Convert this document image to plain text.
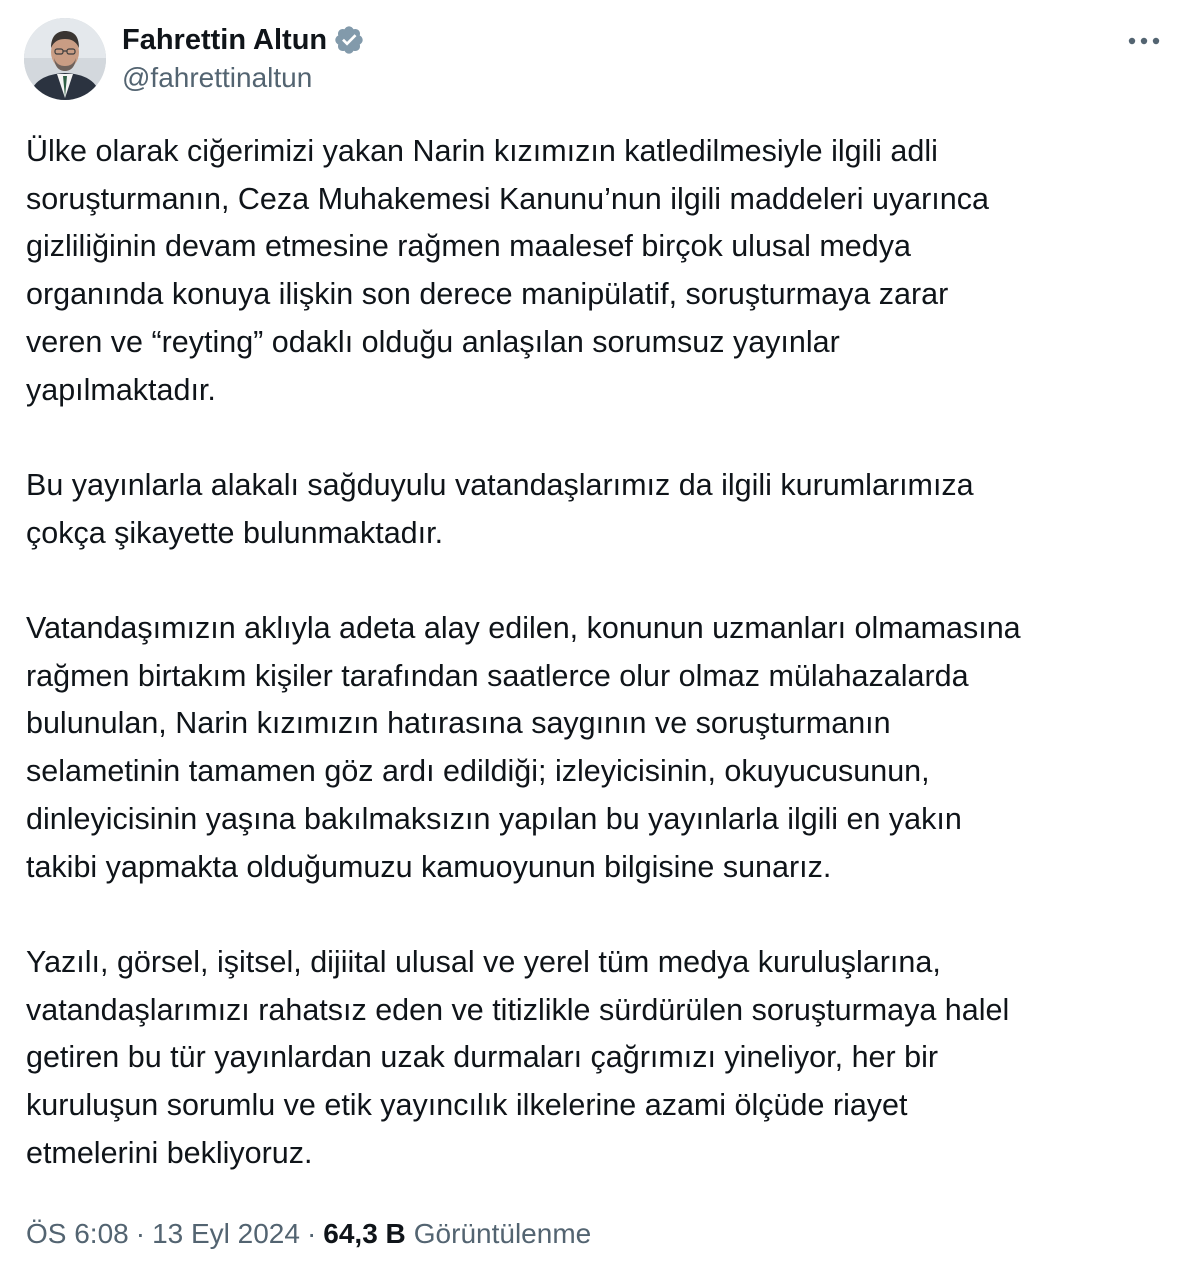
Fahrettin Altun
@fahrettinaltun

Ülke olarak ciğerimizi yakan Narin kızımızın katledilmesiyle ilgili adli
soruşturmanın, Ceza Muhakemesi Kanunu’nun ilgili maddeleri uyarınca
gizliliğinin devam etmesine rağmen maalesef birçok ulusal medya
organında konuya ilişkin son derece manipülatif, soruşturmaya zarar
veren ve “reyting” odaklı olduğu anlaşılan sorumsuz yayınlar
yapılmaktadır.

Bu yayınlarla alakalı sağduyulu vatandaşlarımız da ilgili kurumlarımıza
çokça şikayette bulunmaktadır.

Vatandaşımızın aklıyla adeta alay edilen, konunun uzmanları olmamasına
rağmen birtakım kişiler tarafından saatlerce olur olmaz mülahazalarda
bulunulan, Narin kızımızın hatırasına saygının ve soruşturmanın
selametinin tamamen göz ardı edildiği; izleyicisinin, okuyucusunun,
dinleyicisinin yaşına bakılmaksızın yapılan bu yayınlarla ilgili en yakın
takibi yapmakta olduğumuzu kamuoyunun bilgisine sunarız.

Yazılı, görsel, işitsel, dijiital ulusal ve yerel tüm medya kuruluşlarına,
vatandaşlarımızı rahatsız eden ve titizlikle sürdürülen soruşturmaya halel
getiren bu tür yayınlardan uzak durmaları çağrımızı yineliyor, her bir
kuruluşun sorumlu ve etik yayıncılık ilkelerine azami ölçüde riayet
etmelerini bekliyoruz.

ÖS 6:08 · 13 Eyl 2024 · 64,3 B Görüntülenme
